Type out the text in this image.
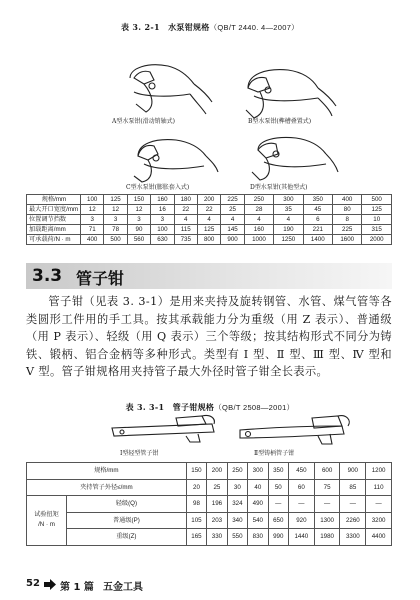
表 3. 2-1　水泵钳规格（QB/T 2440. 4—2007）
A型水泵钳(滑动销轴式)	B型水泵钳(榫槽叠置式)
C型水泵钳(膨胀套入式)	D型水泵钳(其他型式)
规格/mm	100	125	150	160	180	200	225	250	300	350	400	500
最大开口宽度/mm	12	12	12	16	22	22	25	28	35	45	80	125
位置调节挡数	3	3	3	3	4	4	4	4	4	6	8	10
加载距离/mm	71	78	90	100	115	125	145	160	190	221	225	315
可承载荷/N · m	400	500	560	630	735	800	900	1000	1250	1400	1600	2000
3.3 管子钳
管子钳（见表 3. 3-1）是用来夹持及旋转钢管、水管、煤气管等各类圆形工件用的手工具。按其承载能力分为重级（用 Z 表示）、普通级（用 P 表示）、轻级（用 Q 表示）三个等级；按其结构形式不同分为铸铁、锻柄、铝合金柄等多种形式。类型有 Ⅰ 型、Ⅱ 型、Ⅲ 型、Ⅳ 型和 Ⅴ 型。管子钳规格用夹持管子最大外径时管子钳全长表示。
表 3. 3-1　管子钳规格（QB/T 2508—2001）
Ⅰ型轻型管子钳	Ⅱ型铸柄管子钳
规格/mm		150	200	250	300	350	450	600	900	1200
夹持管子外径≤/mm		20	25	30	40	50	60	75	85	110
试验扭矩
/N · m	轻级(Q)	98	196	324	490	—	—	—	—	—
	普通级(P)	105	203	340	540	650	920	1300	2260	3200
	重级(Z)	165	330	550	830	990	1440	1980	3300	4400
52 第 1 篇 五金工具
